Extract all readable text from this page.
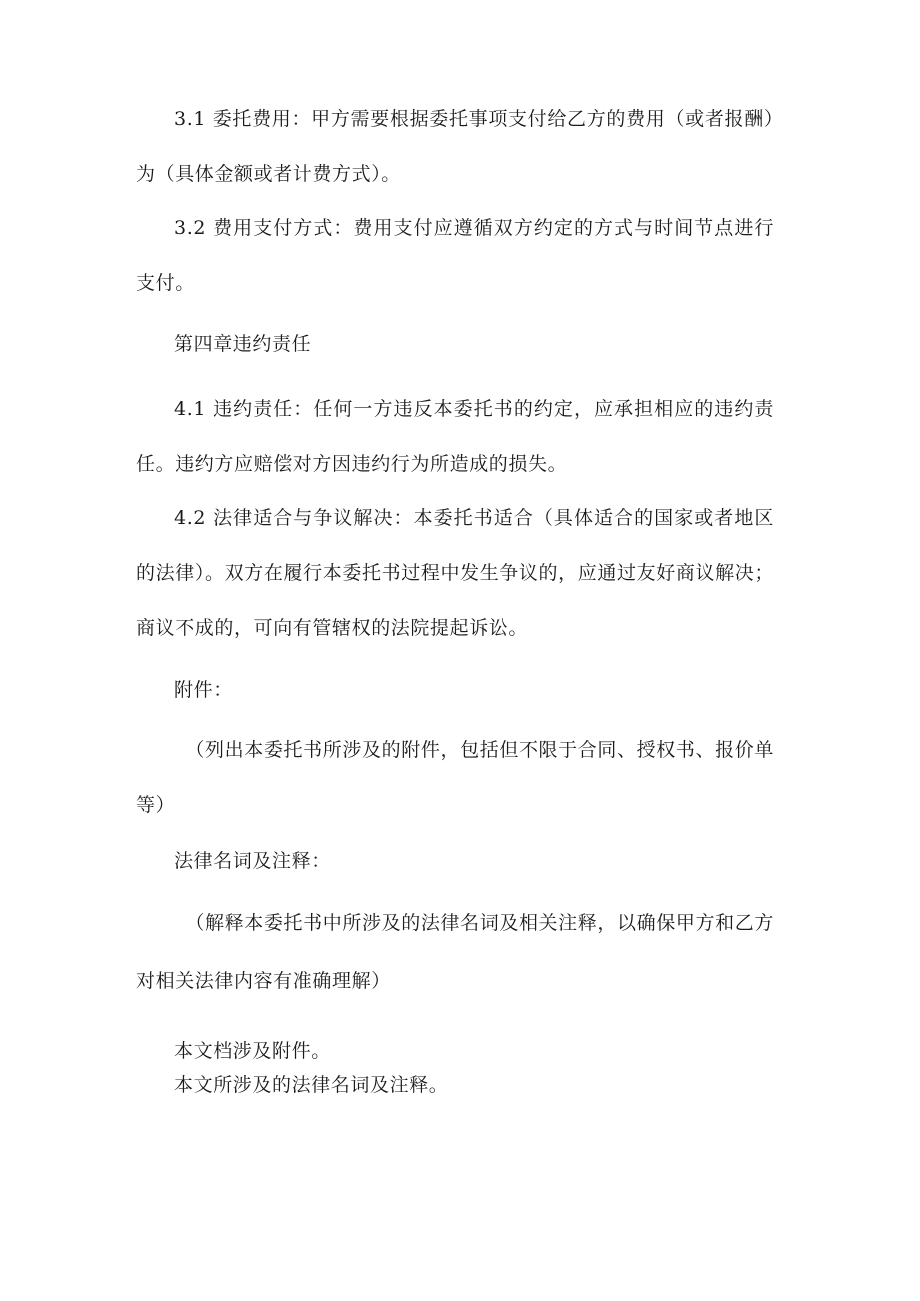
3.1 委托费用：甲方需要根据委托事项支付给乙方的费用（或者报酬）为（具体金额或者计费方式）。

3.2 费用支付方式：费用支付应遵循双方约定的方式与时间节点进行支付。

第四章违约责任

4.1 违约责任：任何一方违反本委托书的约定，应承担相应的违约责任。违约方应赔偿对方因违约行为所造成的损失。

4.2 法律适合与争议解决：本委托书适合（具体适合的国家或者地区的法律）。双方在履行本委托书过程中发生争议的，应通过友好商议解决；商议不成的，可向有管辖权的法院提起诉讼。

附件：

（列出本委托书所涉及的附件，包括但不限于合同、授权书、报价单等）

法律名词及注释：

（解释本委托书中所涉及的法律名词及相关注释，以确保甲方和乙方对相关法律内容有准确理解）

本文档涉及附件。

本文所涉及的法律名词及注释。
